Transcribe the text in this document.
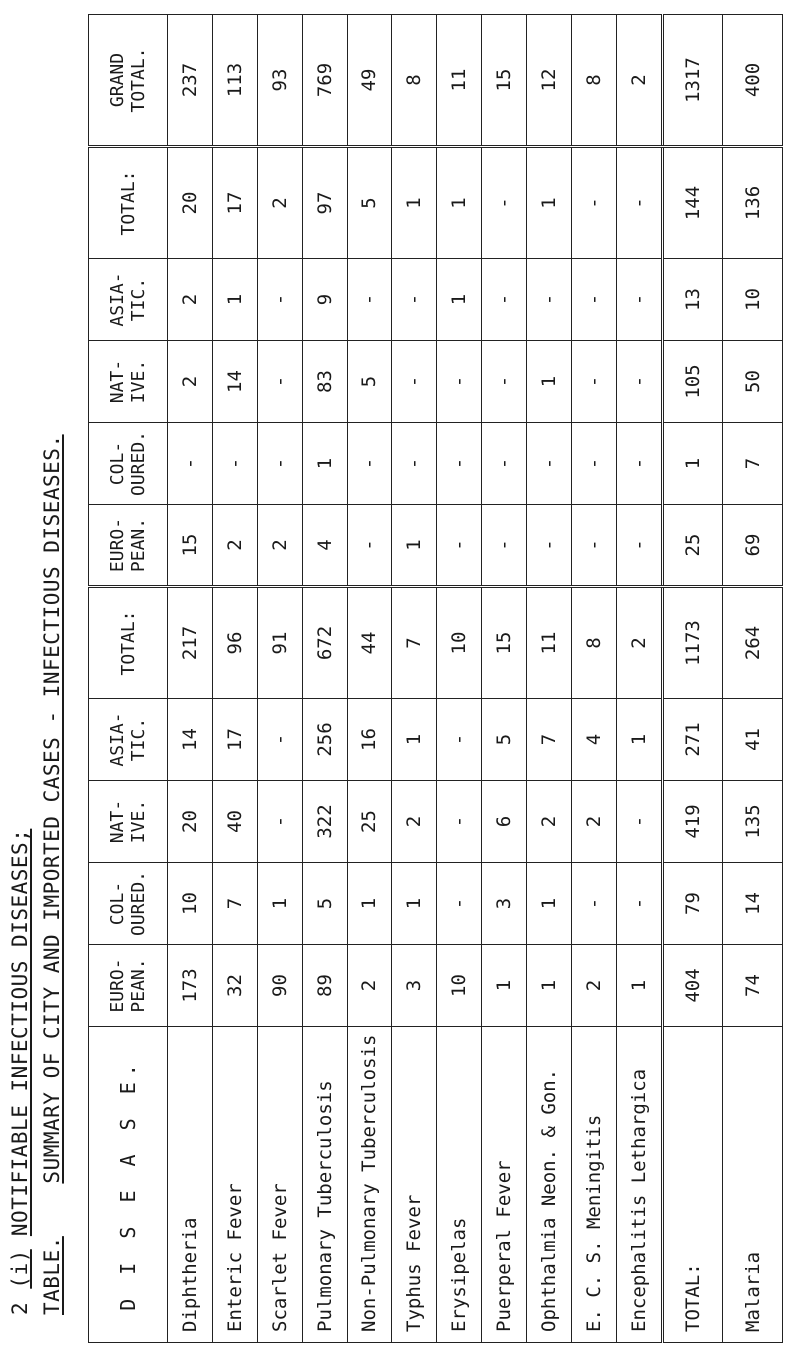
2 (i) NOTIFIABLE INFECTIOUS DISEASES;
TABLE.    SUMMARY OF CITY AND IMPORTED CASES - INFECTIOUS DISEASES.
D I S E A S E.	EURO-PEAN.	COL-OURED.	NAT-IVE.	ASIA-TIC.	TOTAL:	EURO-PEAN.	COL-OURED.	NAT-IVE.	ASIA-TIC.	TOTAL:	GRAND TOTAL.
Diphtheria	173	10	20	14	217	15	-	2	2	20	237
Enteric Fever	32	7	40	17	96	2	-	14	1	17	113
Scarlet Fever	90	1	-	-	91	2	-	-	-	2	93
Pulmonary Tuberculosis	89	5	322	256	672	4	1	83	9	97	769
Non-Pulmonary Tuberculosis	2	1	25	16	44	-	-	5	-	5	49
Typhus Fever	3	1	2	1	7	1	-	-	-	1	8
Erysipelas	10	-	-	-	10	-	-	-	1	1	11
Puerperal Fever	1	3	6	5	15	-	-	-	-	-	15
Ophthalmia Neon. & Gon.	1	1	2	7	11	-	-	1	-	1	12
E. C. S. Meningitis	2	-	2	4	8	-	-	-	-	-	8
Encephalitis Lethargica	1	-	-	1	2	-	-	-	-	-	2
TOTAL:	404	79	419	271	1173	25	1	105	13	144	1317
Malaria	74	14	135	41	264	69	7	50	10	136	400
